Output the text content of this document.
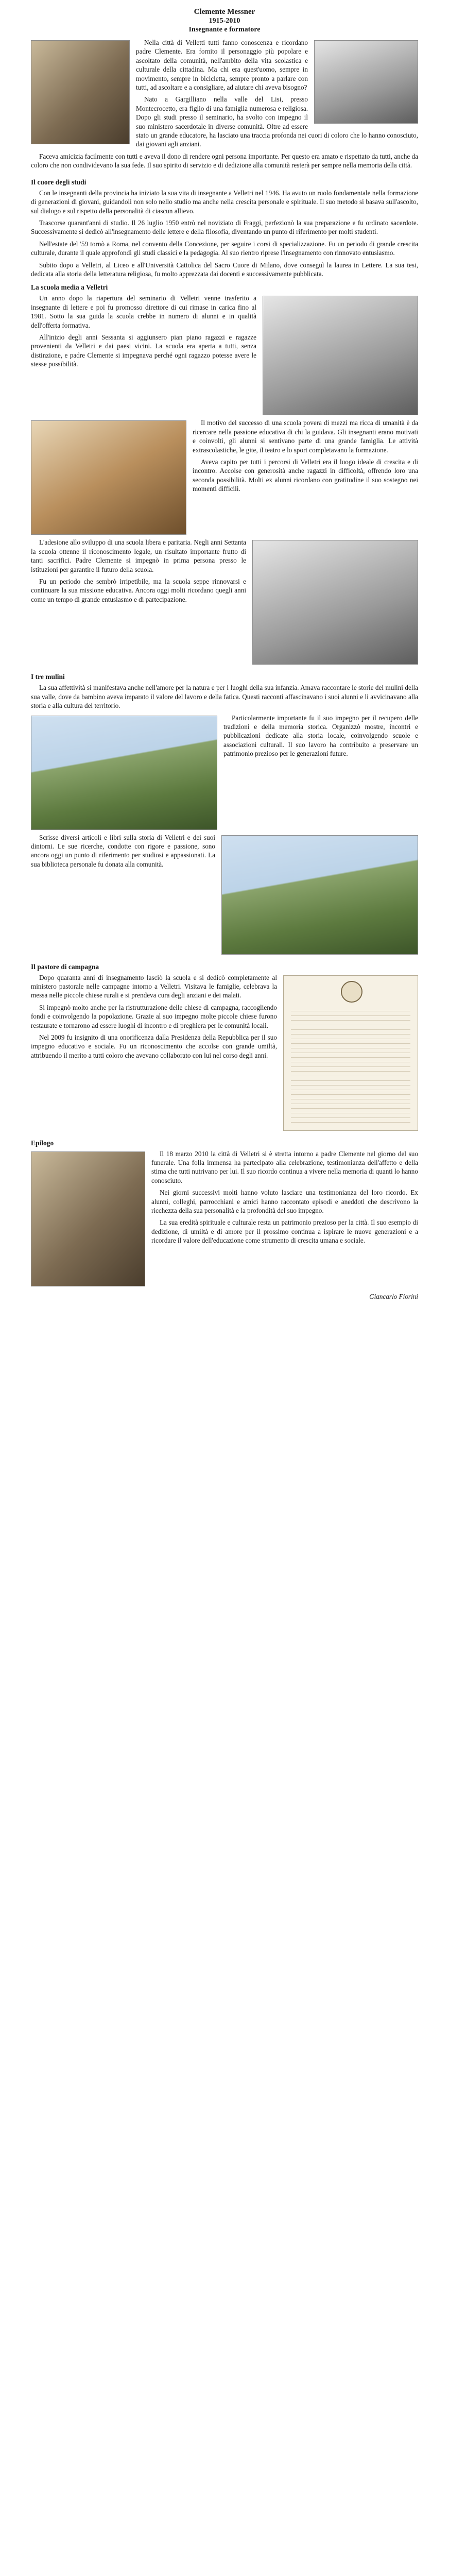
Clemente Messner
1915-2010
Insegnante e formatore

Nella città di Velletti tutti fanno conoscenza e ricordano padre Clemente. Era fornito il personaggio più popolare e ascoltato della comunità, nell'ambito della vita scolastica e culturale della cittadina. Ma chi era quest'uomo, sempre in movimento, sempre in bicicletta, sempre pronto a parlare con tutti, ad ascoltare e a consigliare, ad aiutare chi aveva bisogno?

Nato a Gargilliano nella valle del Lisi, presso Montecrocetto, era figlio di una famiglia numerosa e religiosa. Dopo gli studi presso il seminario, ha svolto con impegno il suo ministero sacerdotale in diverse comunità. Oltre ad essere stato un grande educatore, ha lasciato una traccia profonda nei cuori di coloro che lo hanno conosciuto, dai giovani agli anziani.

Faceva amicizia facilmente con tutti e aveva il dono di rendere ogni persona importante. Per questo era amato e rispettato da tutti, anche da coloro che non condividevano la sua fede. Il suo spirito di servizio e di dedizione alla comunità resterà per sempre nella memoria della città.

Il cuore degli studi

Con le insegnanti della provincia ha iniziato la sua vita di insegnante a Velletri nel 1946. Ha avuto un ruolo fondamentale nella formazione di generazioni di giovani, guidandoli non solo nello studio ma anche nella crescita personale e spirituale. Il suo metodo si basava sull'ascolto, sul dialogo e sul rispetto della personalità di ciascun allievo.

Trascorse quarant'anni di studio. Il 26 luglio 1950 entrò nel noviziato di Fraggi, perfezionò la sua preparazione e fu ordinato sacerdote. Successivamente si dedicò all'insegnamento delle lettere e della filosofia, diventando un punto di riferimento per molti studenti.

Nell'estate del '59 tornò a Roma, nel convento della Concezione, per seguire i corsi di specializzazione. Fu un periodo di grande crescita culturale, durante il quale approfondì gli studi classici e la pedagogia. Al suo rientro riprese l'insegnamento con rinnovato entusiasmo.

Subito dopo a Velletri, al Liceo e all'Università Cattolica del Sacro Cuore di Milano, dove conseguì la laurea in Lettere. La sua tesi, dedicata alla storia della letteratura religiosa, fu molto apprezzata dai docenti e successivamente pubblicata.

La scuola media a Velletri

Un anno dopo la riapertura del seminario di Velletri venne trasferito a insegnante di lettere e poi fu promosso direttore di cui rimase in carica fino al 1981. Sotto la sua guida la scuola crebbe in numero di alunni e in qualità dell'offerta formativa.

All'inizio degli anni Sessanta si aggiunsero pian piano ragazzi e ragazze provenienti da Velletri e dai paesi vicini. La scuola era aperta a tutti, senza distinzione, e padre Clemente si impegnava perché ogni ragazzo potesse avere le stesse possibilità.

Il motivo del successo di una scuola povera di mezzi ma ricca di umanità è da ricercare nella passione educativa di chi la guidava. Gli insegnanti erano motivati e coinvolti, gli alunni si sentivano parte di una grande famiglia. Le attività extrascolastiche, le gite, il teatro e lo sport completavano la formazione.

Aveva capito per tutti i percorsi di Velletri era il luogo ideale di crescita e di incontro. Accolse con generosità anche ragazzi in difficoltà, offrendo loro una seconda possibilità. Molti ex alunni ricordano con gratitudine il suo sostegno nei momenti difficili.

L'adesione allo sviluppo di una scuola libera e paritaria. Negli anni Settanta la scuola ottenne il riconoscimento legale, un risultato importante frutto di tanti sacrifici. Padre Clemente si impegnò in prima persona presso le istituzioni per garantire il futuro della scuola.

Fu un periodo che sembrò irripetibile, ma la scuola seppe rinnovarsi e continuare la sua missione educativa. Ancora oggi molti ricordano quegli anni come un tempo di grande entusiasmo e di partecipazione.

I tre mulini

La sua affettività si manifestava anche nell'amore per la natura e per i luoghi della sua infanzia. Amava raccontare le storie dei mulini della sua valle, dove da bambino aveva imparato il valore del lavoro e della fatica. Questi racconti affascinavano i suoi alunni e li avvicinavano alla storia e alla cultura del territorio.

Particolarmente importante fu il suo impegno per il recupero delle tradizioni e della memoria storica. Organizzò mostre, incontri e pubblicazioni dedicate alla storia locale, coinvolgendo scuole e associazioni culturali. Il suo lavoro ha contribuito a preservare un patrimonio prezioso per le generazioni future.

Scrisse diversi articoli e libri sulla storia di Velletri e dei suoi dintorni. Le sue ricerche, condotte con rigore e passione, sono ancora oggi un punto di riferimento per studiosi e appassionati. La sua biblioteca personale fu donata alla comunità.

Il pastore di campagna

Dopo quaranta anni di insegnamento lasciò la scuola e si dedicò completamente al ministero pastorale nelle campagne intorno a Velletri. Visitava le famiglie, celebrava la messa nelle piccole chiese rurali e si prendeva cura degli anziani e dei malati.

Si impegnò molto anche per la ristrutturazione delle chiese di campagna, raccogliendo fondi e coinvolgendo la popolazione. Grazie al suo impegno molte piccole chiese furono restaurate e tornarono ad essere luoghi di incontro e di preghiera per le comunità locali.

Nel 2009 fu insignito di una onorificenza dalla Presidenza della Repubblica per il suo impegno educativo e sociale. Fu un riconoscimento che accolse con grande umiltà, attribuendo il merito a tutti coloro che avevano collaborato con lui nel corso degli anni.

Epilogo

Il 18 marzo 2010 la città di Velletri si è stretta intorno a padre Clemente nel giorno del suo funerale. Una folla immensa ha partecipato alla celebrazione, testimonianza dell'affetto e della stima che tutti nutrivano per lui. Il suo ricordo continua a vivere nella memoria di quanti lo hanno conosciuto.

Nei giorni successivi molti hanno voluto lasciare una testimonianza del loro ricordo. Ex alunni, colleghi, parrocchiani e amici hanno raccontato episodi e aneddoti che descrivono la ricchezza della sua personalità e la profondità del suo impegno.

La sua eredità spirituale e culturale resta un patrimonio prezioso per la città. Il suo esempio di dedizione, di umiltà e di amore per il prossimo continua a ispirare le nuove generazioni e a ricordare il valore dell'educazione come strumento di crescita umana e sociale.

Giancarlo Fiorini
